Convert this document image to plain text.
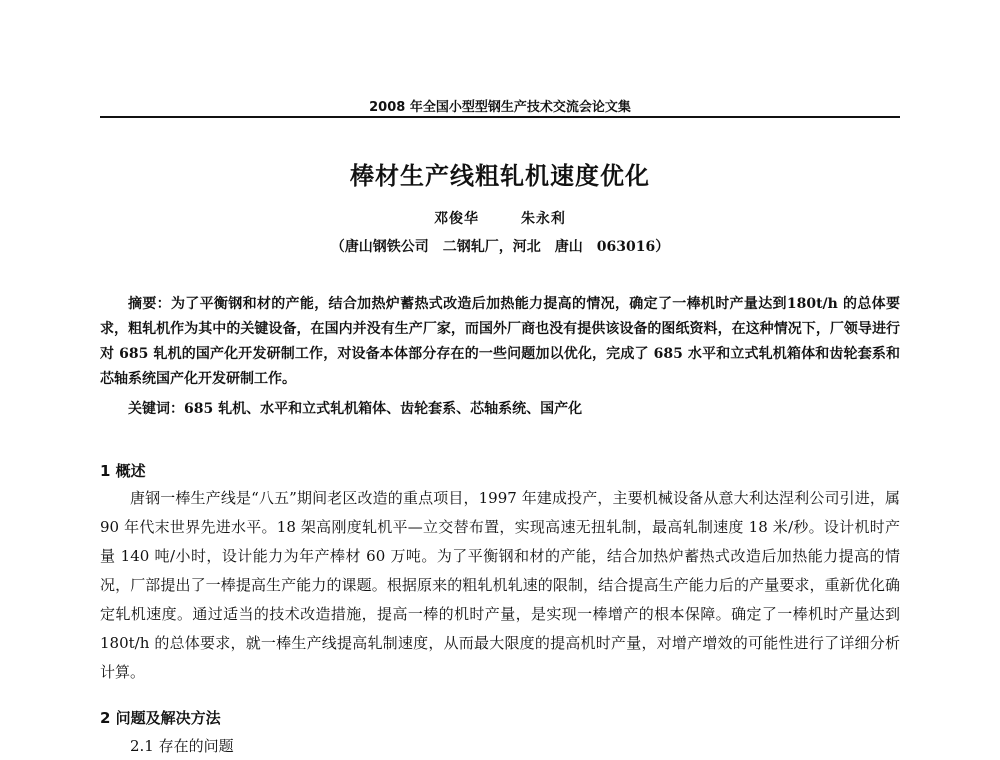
2008 年全国小型型钢生产技术交流会论文集
棒材生产线粗轧机速度优化
邓俊华	朱永利
（唐山钢铁公司　二钢轧厂，河北　唐山　063016）

摘要：为了平衡钢和材的产能，结合加热炉蓄热式改造后加热能力提高的情况，确定了一棒机时产量达到180t/h 的总体要求，粗轧机作为其中的关键设备，在国内并没有生产厂家，而国外厂商也没有提供该设备的图纸资料，在这种情况下，厂领导进行对 685 轧机的国产化开发研制工作，对设备本体部分存在的一些问题加以优化，完成了 685 水平和立式轧机箱体和齿轮套系和芯轴系统国产化开发研制工作。

关键词：685 轧机、水平和立式轧机箱体、齿轮套系、芯轴系统、国产化
1 概述

唐钢一棒生产线是“八五”期间老区改造的重点项目，1997 年建成投产，主要机械设备从意大利达涅利公司引进，属 90 年代末世界先进水平。18 架高刚度轧机平—立交替布置，实现高速无扭轧制，最高轧制速度 18 米/秒。设计机时产量 140 吨/小时，设计能力为年产棒材 60 万吨。为了平衡钢和材的产能，结合加热炉蓄热式改造后加热能力提高的情况，厂部提出了一棒提高生产能力的课题。根据原来的粗轧机轧速的限制，结合提高生产能力后的产量要求，重新优化确定轧机速度。通过适当的技术改造措施，提高一棒的机时产量，是实现一棒增产的根本保障。确定了一棒机时产量达到 180t/h 的总体要求，就一棒生产线提高轧制速度，从而最大限度的提高机时产量，对增产增效的可能性进行了详细分析计算。

2 问题及解决方法
2.1 存在的问题
